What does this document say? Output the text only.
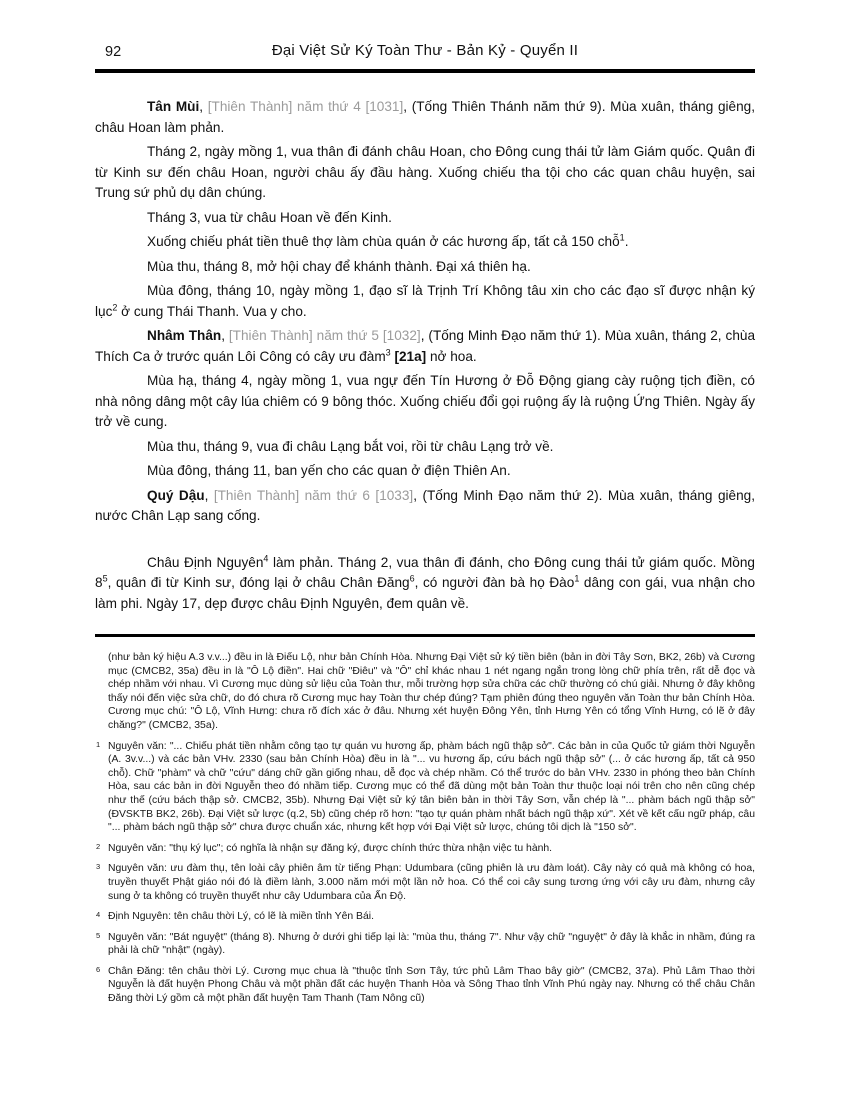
92	Đại Việt Sử Ký Toàn Thư - Bản Kỷ - Quyển II

Tân Mùi, [Thiên Thành] năm thứ 4 [1031], (Tống Thiên Thánh năm thứ 9). Mùa xuân, tháng giêng, châu Hoan làm phản.

Tháng 2, ngày mồng 1, vua thân đi đánh châu Hoan, cho Đông cung thái tử làm Giám quốc. Quân đi từ Kinh sư đến châu Hoan, người châu ấy đầu hàng. Xuống chiếu tha tội cho các quan châu huyện, sai Trung sứ phủ dụ dân chúng.

Tháng 3, vua từ châu Hoan về đến Kinh.

Xuống chiếu phát tiền thuê thợ làm chùa quán ở các hương ấp, tất cả 150 chỗ$^1$.

Mùa thu, tháng 8, mở hội chay để khánh thành. Đại xá thiên hạ.

Mùa đông, tháng 10, ngày mồng 1, đạo sĩ là Trịnh Trí Không tâu xin cho các đạo sĩ được nhận ký lục$^2$ ở cung Thái Thanh. Vua y cho.

Nhâm Thân, [Thiên Thành] năm thứ 5 [1032], (Tống Minh Đạo năm thứ 1). Mùa xuân, tháng 2, chùa Thích Ca ở trước quán Lôi Công có cây ưu đàm$^3$ [21a] nở hoa.

Mùa hạ, tháng 4, ngày mồng 1, vua ngự đến Tín Hương ở Đỗ Động giang cày ruộng tịch điền, có nhà nông dâng một cây lúa chiêm có 9 bông thóc. Xuống chiếu đổi gọi ruộng ấy là ruộng Ứng Thiên. Ngày ấy trở về cung.

Mùa thu, tháng 9, vua đi châu Lạng bắt voi, rồi từ châu Lạng trở về.

Mùa đông, tháng 11, ban yến cho các quan ở điện Thiên An.

Quý Dậu, [Thiên Thành] năm thứ 6 [1033], (Tống Minh Đạo năm thứ 2). Mùa xuân, tháng giêng, nước Chân Lạp sang cống.

Châu Định Nguyên$^4$ làm phản. Tháng 2, vua thân đi đánh, cho Đông cung thái tử giám quốc. Mồng $8^5$, quân đi từ Kinh sư, đóng lại ở châu Chân Đăng$^6$, có người đàn bà họ Đào$^1$ dâng con gái, vua nhận cho làm phi. Ngày 17, dẹp được châu Định Nguyên, đem quân về.

(như bản ký hiệu A.3 v.v...) đều in là Điếu Lộ, như bản Chính Hòa. Nhưng Đại Việt sử ký tiền biên (bản in đời Tây Sơn, BK2, 26b) và Cương mục (CMCB2, 35a) đều in là "Ô Lộ điền". Hai chữ "Điêu" và "Ô" chỉ khác nhau 1 nét ngang ngắn trong lòng chữ phía trên, rất dễ đọc và chép nhầm với nhau. Vì Cương mục dùng sử liệu của Toàn thư, mỗi trường hợp sửa chữa các chữ thường có chú giải. Nhưng ở đây không thấy nói đến việc sửa chữ, do đó chưa rõ Cương mục hay Toàn thư chép đúng? Tạm phiên đúng theo nguyên văn Toàn thư bản Chính Hòa. Cương mục chú: "Ô Lộ, Vĩnh Hưng: chưa rõ đích xác ở đâu. Nhưng xét huyện Đông Yên, tỉnh Hưng Yên có tổng Vĩnh Hưng, có lẽ ở đây chăng?" (CMCB2, 35a).
1 Nguyên văn: "... Chiếu phát tiền nhằm công tạo tự quán vu hương ấp, phàm bách ngũ thập sở". Các bản in của Quốc tử giám thời Nguyễn (A. 3v.v...) và các bản VHv. 2330 (sau bản Chính Hòa) đều in là "... vu hương ấp, cứu bách ngũ thập sở" (... ở các hương ấp, tất cả 950 chỗ). Chữ "phàm" và chữ "cứu" dáng chữ gần giống nhau, dễ đọc và chép nhầm. Có thể trước do bản VHv. 2330 in phóng theo bản Chính Hòa, sau các bản in đời Nguyễn theo đó nhầm tiếp. Cương mục có thể đã dùng một bản Toàn thư thuộc loại nói trên cho nên cũng chép như thế (cứu bách thập sở. CMCB2, 35b). Nhưng Đại Việt sử ký tân biên bản in thời Tây Sơn, vẫn chép là "... phàm bách ngũ thập sở" (ĐVSKTB BK2, 26b). Đại Việt sử lược (q.2, 5b) cũng chép rõ hơn: "tạo tự quán phàm nhất bách ngũ thập xứ". Xét về kết cấu ngữ pháp, câu "... phàm bách ngũ thập sở" chưa được chuẩn xác, nhưng kết hợp với Đại Việt sử lược, chúng tôi dịch là "150 sở".
2 Nguyên văn: "thụ ký lục"; có nghĩa là nhận sự đăng ký, được chính thức thừa nhận việc tu hành.
3 Nguyên văn: ưu đàm thụ, tên loài cây phiên âm từ tiếng Phạn: Udumbara (cũng phiên là ưu đàm loát). Cây này có quả mà không có hoa, truyền thuyết Phật giáo nói đó là điềm lành, 3.000 năm mới một lần nở hoa. Có thể coi cây sung tương ứng với cây ưu đàm, nhưng cây sung ở ta không có truyền thuyết như cây Udumbara của Ấn Độ.
4 Định Nguyên: tên châu thời Lý, có lẽ là miền tỉnh Yên Bái.
5 Nguyên văn: "Bát nguyệt" (tháng 8). Nhưng ở dưới ghi tiếp lại là: "mùa thu, tháng 7". Như vậy chữ "nguyệt" ở đây là khắc in nhầm, đúng ra phải là chữ "nhật" (ngày).
6 Chân Đăng: tên châu thời Lý. Cương mục chua là "thuộc tỉnh Sơn Tây, tức phủ Lâm Thao bây giờ" (CMCB2, 37a). Phủ Lâm Thao thời Nguyễn là đất huyện Phong Châu và một phần đất các huyện Thanh Hòa và Sông Thao tỉnh Vĩnh Phú ngày nay. Nhưng có thể châu Chân Đăng thời Lý gồm cả một phần đất huyện Tam Thanh (Tam Nông cũ)
